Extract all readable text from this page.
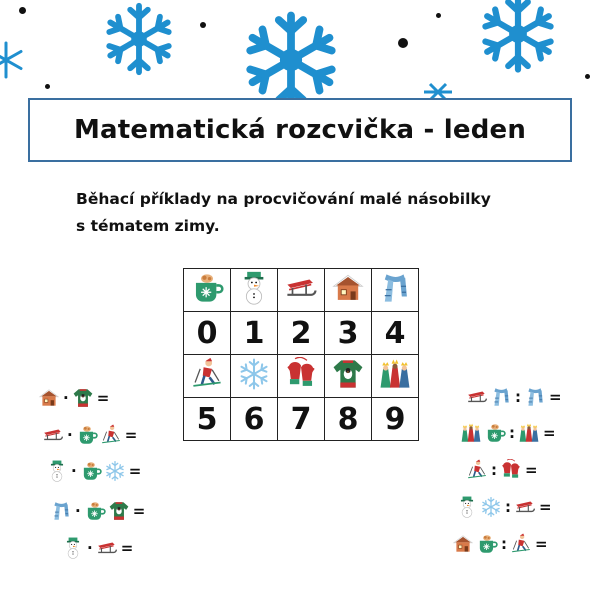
Matematická rozcvička - leden
Běhací příklady na procvičování malé násobilky
s tématem zimy.

0	1	2	3	4

5	6	7	8	9
· =
·	=
·	=
·	=
· =
: =
: =
: =
: =
: =
